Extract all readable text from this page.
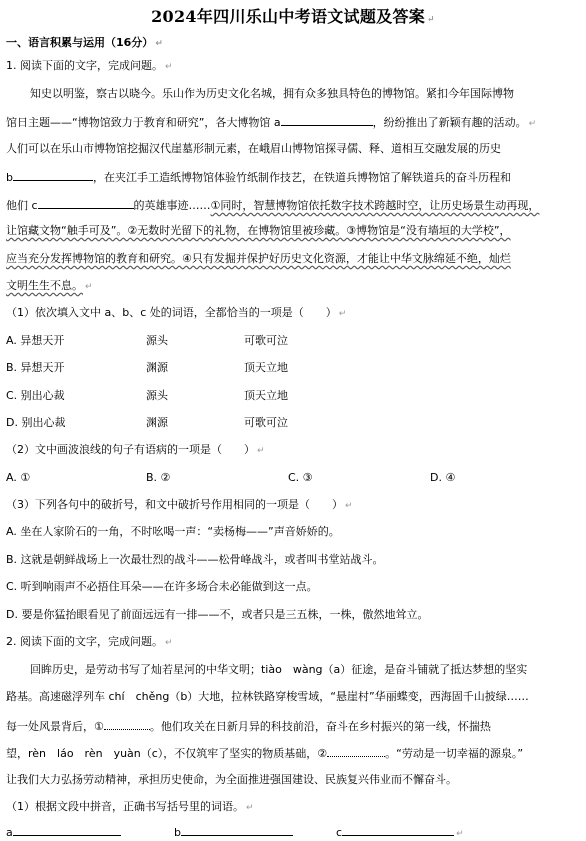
2024年四川乐山中考语文试题及答案 ↵
一、语言积累与运用（16分） ↵
1. 阅读下面的文字，完成问题。 ↵
知史以明鉴，察古以晓今。乐山作为历史文化名城，拥有众多独具特色的博物馆。紧扣今年国际博物
馆日主题——“博物馆致力于教育和研究”，各大博物馆 a	，纷纷推出了新颖有趣的活动。 ↵
人们可以在乐山市博物馆挖掘汉代崖墓形制元素，在峨眉山博物馆探寻儒、释、道相互交融发展的历史
b	，在夹江手工造纸博物馆体验竹纸制作技艺，在铁道兵博物馆了解铁道兵的奋斗历程和
他们 c	的英雄事迹……①同时，智慧博物馆依托数字技术跨越时空，让历史场景生动再现，
让馆藏文物“触手可及”。②无数时光留下的礼物，在博物馆里被珍藏。③博物馆是“没有墙垣的大学校”，
应当充分发挥博物馆的教育和研究。④只有发掘并保护好历史文化资源，才能让中华文脉绵延不绝，灿烂
文明生生不息。 ↵
（1）依次填入文中 a、b、c 处的词语，全都恰当的一项是（　　） ↵
A. 异想天开	源头	可歌可泣
B. 异想天开	渊源	顶天立地
C. 别出心裁	源头	顶天立地
D. 别出心裁	渊源	可歌可泣
（2）文中画波浪线的句子有语病的一项是（　　） ↵
A. ①	B. ②	C. ③	D. ④
（3）下列各句中的破折号，和文中破折号作用相同的一项是（　　） ↵
A. 坐在人家阶石的一角，不时吆喝一声：“卖杨梅——”声音娇娇的。
B. 这就是朝鲜战场上一次最壮烈的战斗——松骨峰战斗，或者叫书堂站战斗。
C. 听到响雨声不必捂住耳朵——在许多场合未必能做到这一点。
D. 要是你猛抬眼看见了前面远远有一排——不，或者只是三五株，一株，傲然地耸立。
2. 阅读下面的文字，完成问题。 ↵
回眸历史，是劳动书写了灿若星河的中华文明；tiào　wàng（a）征途，是奋斗铺就了抵达梦想的坚实
路基。高速磁浮列车 chí　chěng（b）大地，拉林铁路穿梭雪域，“悬崖村”华丽蝶变，西海固千山披绿……
每一处风景背后，①	。他们攻关在日新月异的科技前沿，奋斗在乡村振兴的第一线，怀揣热
望，rèn　láo　rèn　yuàn（c），不仅筑牢了坚实的物质基础，②	。“劳动是一切幸福的源泉。”
让我们大力弘扬劳动精神，承担历史使命，为全面推进强国建设、民族复兴伟业而不懈奋斗。
（1）根据文段中拼音，正确书写括号里的词语。 ↵
a	b	c	↵
